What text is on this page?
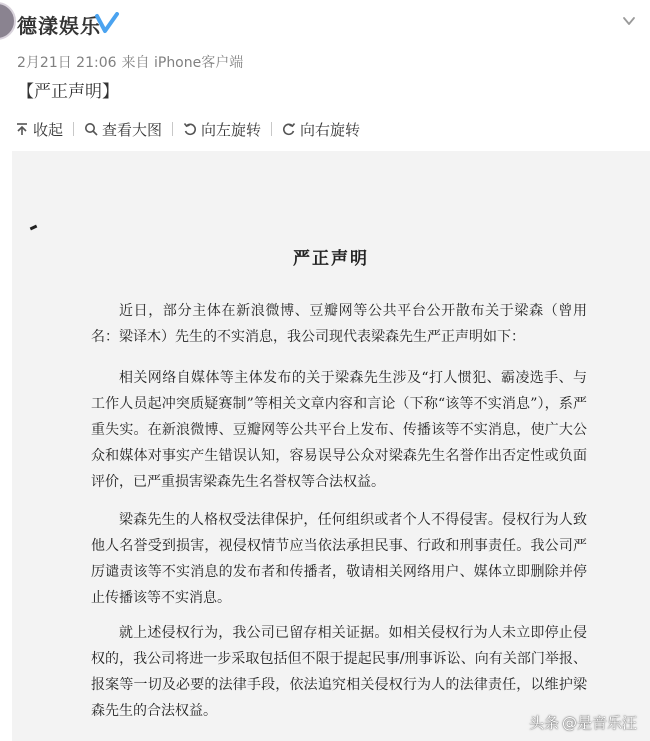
德漾娱乐
2月21日 21:06 来自 iPhone客户端
【严正声明】
收起	查看大图	向左旋转	向右旋转
严正声明

近日，部分主体在新浪微博、豆瓣网等公共平台公开散布关于梁森（曾用名：梁译木）先生的不实消息，我公司现代表梁森先生严正声明如下：

相关网络自媒体等主体发布的关于梁森先生涉及“打人惯犯、霸凌选手、与工作人员起冲突质疑赛制”等相关文章内容和言论（下称“该等不实消息”），系严重失实。在新浪微博、豆瓣网等公共平台上发布、传播该等不实消息，使广大公众和媒体对事实产生错误认知，容易误导公众对梁森先生名誉作出否定性或负面评价，已严重损害梁森先生名誉权等合法权益。

梁森先生的人格权受法律保护，任何组织或者个人不得侵害。侵权行为人致他人名誉受到损害，视侵权情节应当依法承担民事、行政和刑事责任。我公司严厉谴责该等不实消息的发布者和传播者，敬请相关网络用户、媒体立即删除并停止传播该等不实消息。

就上述侵权行为，我公司已留存相关证据。如相关侵权行为人未立即停止侵权的，我公司将进一步采取包括但不限于提起民事/刑事诉讼、向有关部门举报、报案等一切及必要的法律手段，依法追究相关侵权行为人的法律责任，以维护梁森先生的合法权益。

头条 @是音乐汪
